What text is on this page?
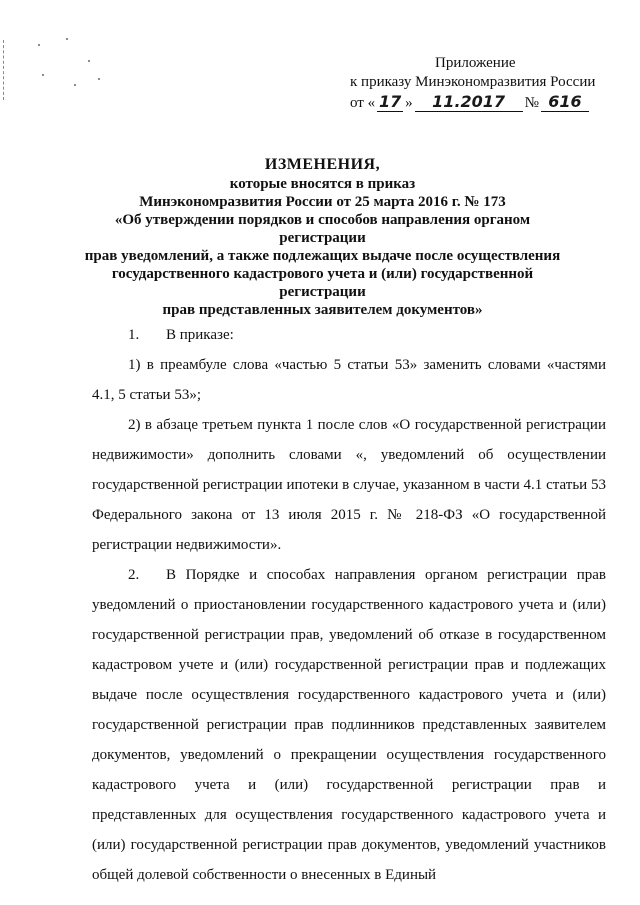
Приложение
к приказу Минэкономразвития России
от « 17 »	11.2017	№ 616
ИЗМЕНЕНИЯ,
которые вносятся в приказ
Минэкономразвития России от 25 марта 2016 г. № 173
«Об утверждении порядков и способов направления органом регистрации
прав уведомлений, а также подлежащих выдаче после осуществления
государственного кадастрового учета и (или) государственной регистрации
прав представленных заявителем документов»

1. В приказе:

1) в преамбуле слова «частью 5 статьи 53» заменить словами «частями 4.1, 5 статьи 53»;

2) в абзаце третьем пункта 1 после слов «О государственной регистрации недвижимости» дополнить словами «, уведомлений об осуществлении государственной регистрации ипотеки в случае, указанном в части 4.1 статьи 53 Федерального закона от 13 июля 2015 г. № 218-ФЗ «О государственной регистрации недвижимости».

2. В Порядке и способах направления органом регистрации прав уведомлений о приостановлении государственного кадастрового учета и (или) государственной регистрации прав, уведомлений об отказе в государственном кадастровом учете и (или) государственной регистрации прав и подлежащих выдаче после осуществления государственного кадастрового учета и (или) государственной регистрации прав подлинников представленных заявителем документов, уведомлений о прекращении осуществления государственного кадастрового учета и (или) государственной регистрации прав и представленных для осуществления государственного кадастрового учета и (или) государственной регистрации прав документов, уведомлений участников общей долевой собственности о внесенных в Единый
